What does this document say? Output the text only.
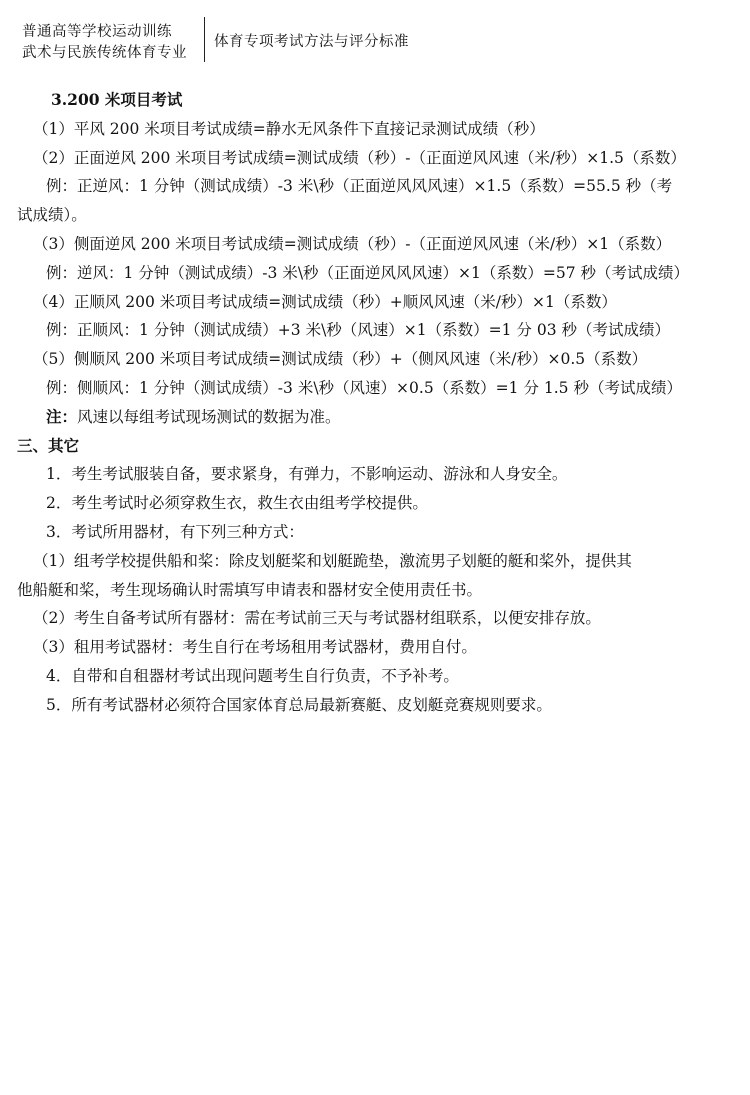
普通高等学校运动训练
武术与民族传统体育专业
体育专项考试方法与评分标准
3.200 米项目考试
（1）平风 200 米项目考试成绩=静水无风条件下直接记录测试成绩（秒）
（2）正面逆风 200 米项目考试成绩=测试成绩（秒）-（正面逆风风速（米/秒）×1.5（系数）
例：正逆风：1 分钟（测试成绩）-3 米\秒（正面逆风风风速）×1.5（系数）=55.5 秒（考
试成绩）。
（3）侧面逆风 200 米项目考试成绩=测试成绩（秒）-（正面逆风风速（米/秒）×1（系数）
例：逆风：1 分钟（测试成绩）-3 米\秒（正面逆风风风速）×1（系数）=57 秒（考试成绩）
（4）正顺风 200 米项目考试成绩=测试成绩（秒）+顺风风速（米/秒）×1（系数）
例：正顺风：1 分钟（测试成绩）+3 米\秒（风速）×1（系数）=1 分 03 秒（考试成绩）
（5）侧顺风 200 米项目考试成绩=测试成绩（秒）+（侧风风速（米/秒）×0.5（系数）
例：侧顺风：1 分钟（测试成绩）-3 米\秒（风速）×0.5（系数）=1 分 1.5 秒（考试成绩）
注：风速以每组考试现场测试的数据为准。
三、其它
1．考生考试服装自备，要求紧身，有弹力，不影响运动、游泳和人身安全。
2．考生考试时必须穿救生衣，救生衣由组考学校提供。
3．考试所用器材，有下列三种方式：
（1）组考学校提供船和桨：除皮划艇桨和划艇跪垫，激流男子划艇的艇和桨外，提供其
他船艇和桨，考生现场确认时需填写申请表和器材安全使用责任书。
（2）考生自备考试所有器材：需在考试前三天与考试器材组联系，以便安排存放。
（3）租用考试器材：考生自行在考场租用考试器材，费用自付。
4．自带和自租器材考试出现问题考生自行负责，不予补考。
5．所有考试器材必须符合国家体育总局最新赛艇、皮划艇竞赛规则要求。
